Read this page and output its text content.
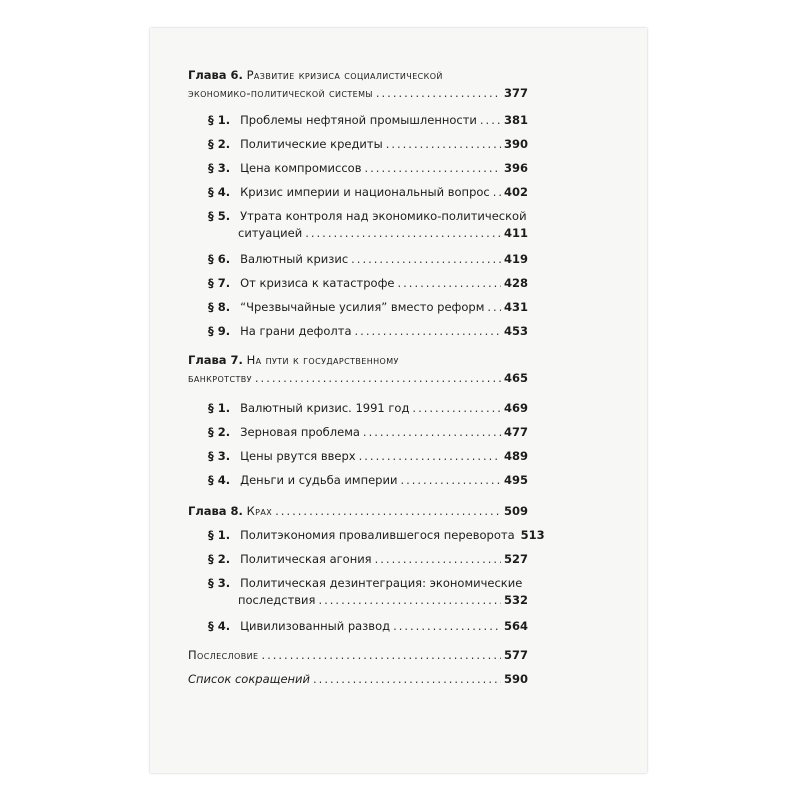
Глава 6. Развитие кризиса социалистической
экономико-политической системы .....	377
§ 1. Проблемы нефтяной промышленности ..... 381
§ 2. Политические кредиты .....	390
§ 3. Цена компромиссов .....	396
§ 4. Кризис империи и национальный вопрос ..... 402
§ 5. Утрата контроля над экономико-политической
ситуацией .....	411
§ 6. Валютный кризис .....	419
§ 7. От кризиса к катастрофе .....	428
§ 8. “Чрезвычайные усилия” вместо реформ ..... 431
§ 9. На грани дефолта .....	453
Глава 7. На пути к государственному
банкротству .....	465
§ 1. Валютный кризис. 1991 год .....	469
§ 2. Зерновая проблема .....	477
§ 3. Цены рвутся вверх .....	489
§ 4. Деньги и судьба империи .....	495
Глава 8. Крах .....	509
§ 1. Политэкономия провалившегося переворота 513
§ 2. Политическая агония .....	527
§ 3. Политическая дезинтеграция: экономические
последствия .....	532
§ 4. Цивилизованный развод .....	564
Послесловие .....	577
Список сокращений .....	590
